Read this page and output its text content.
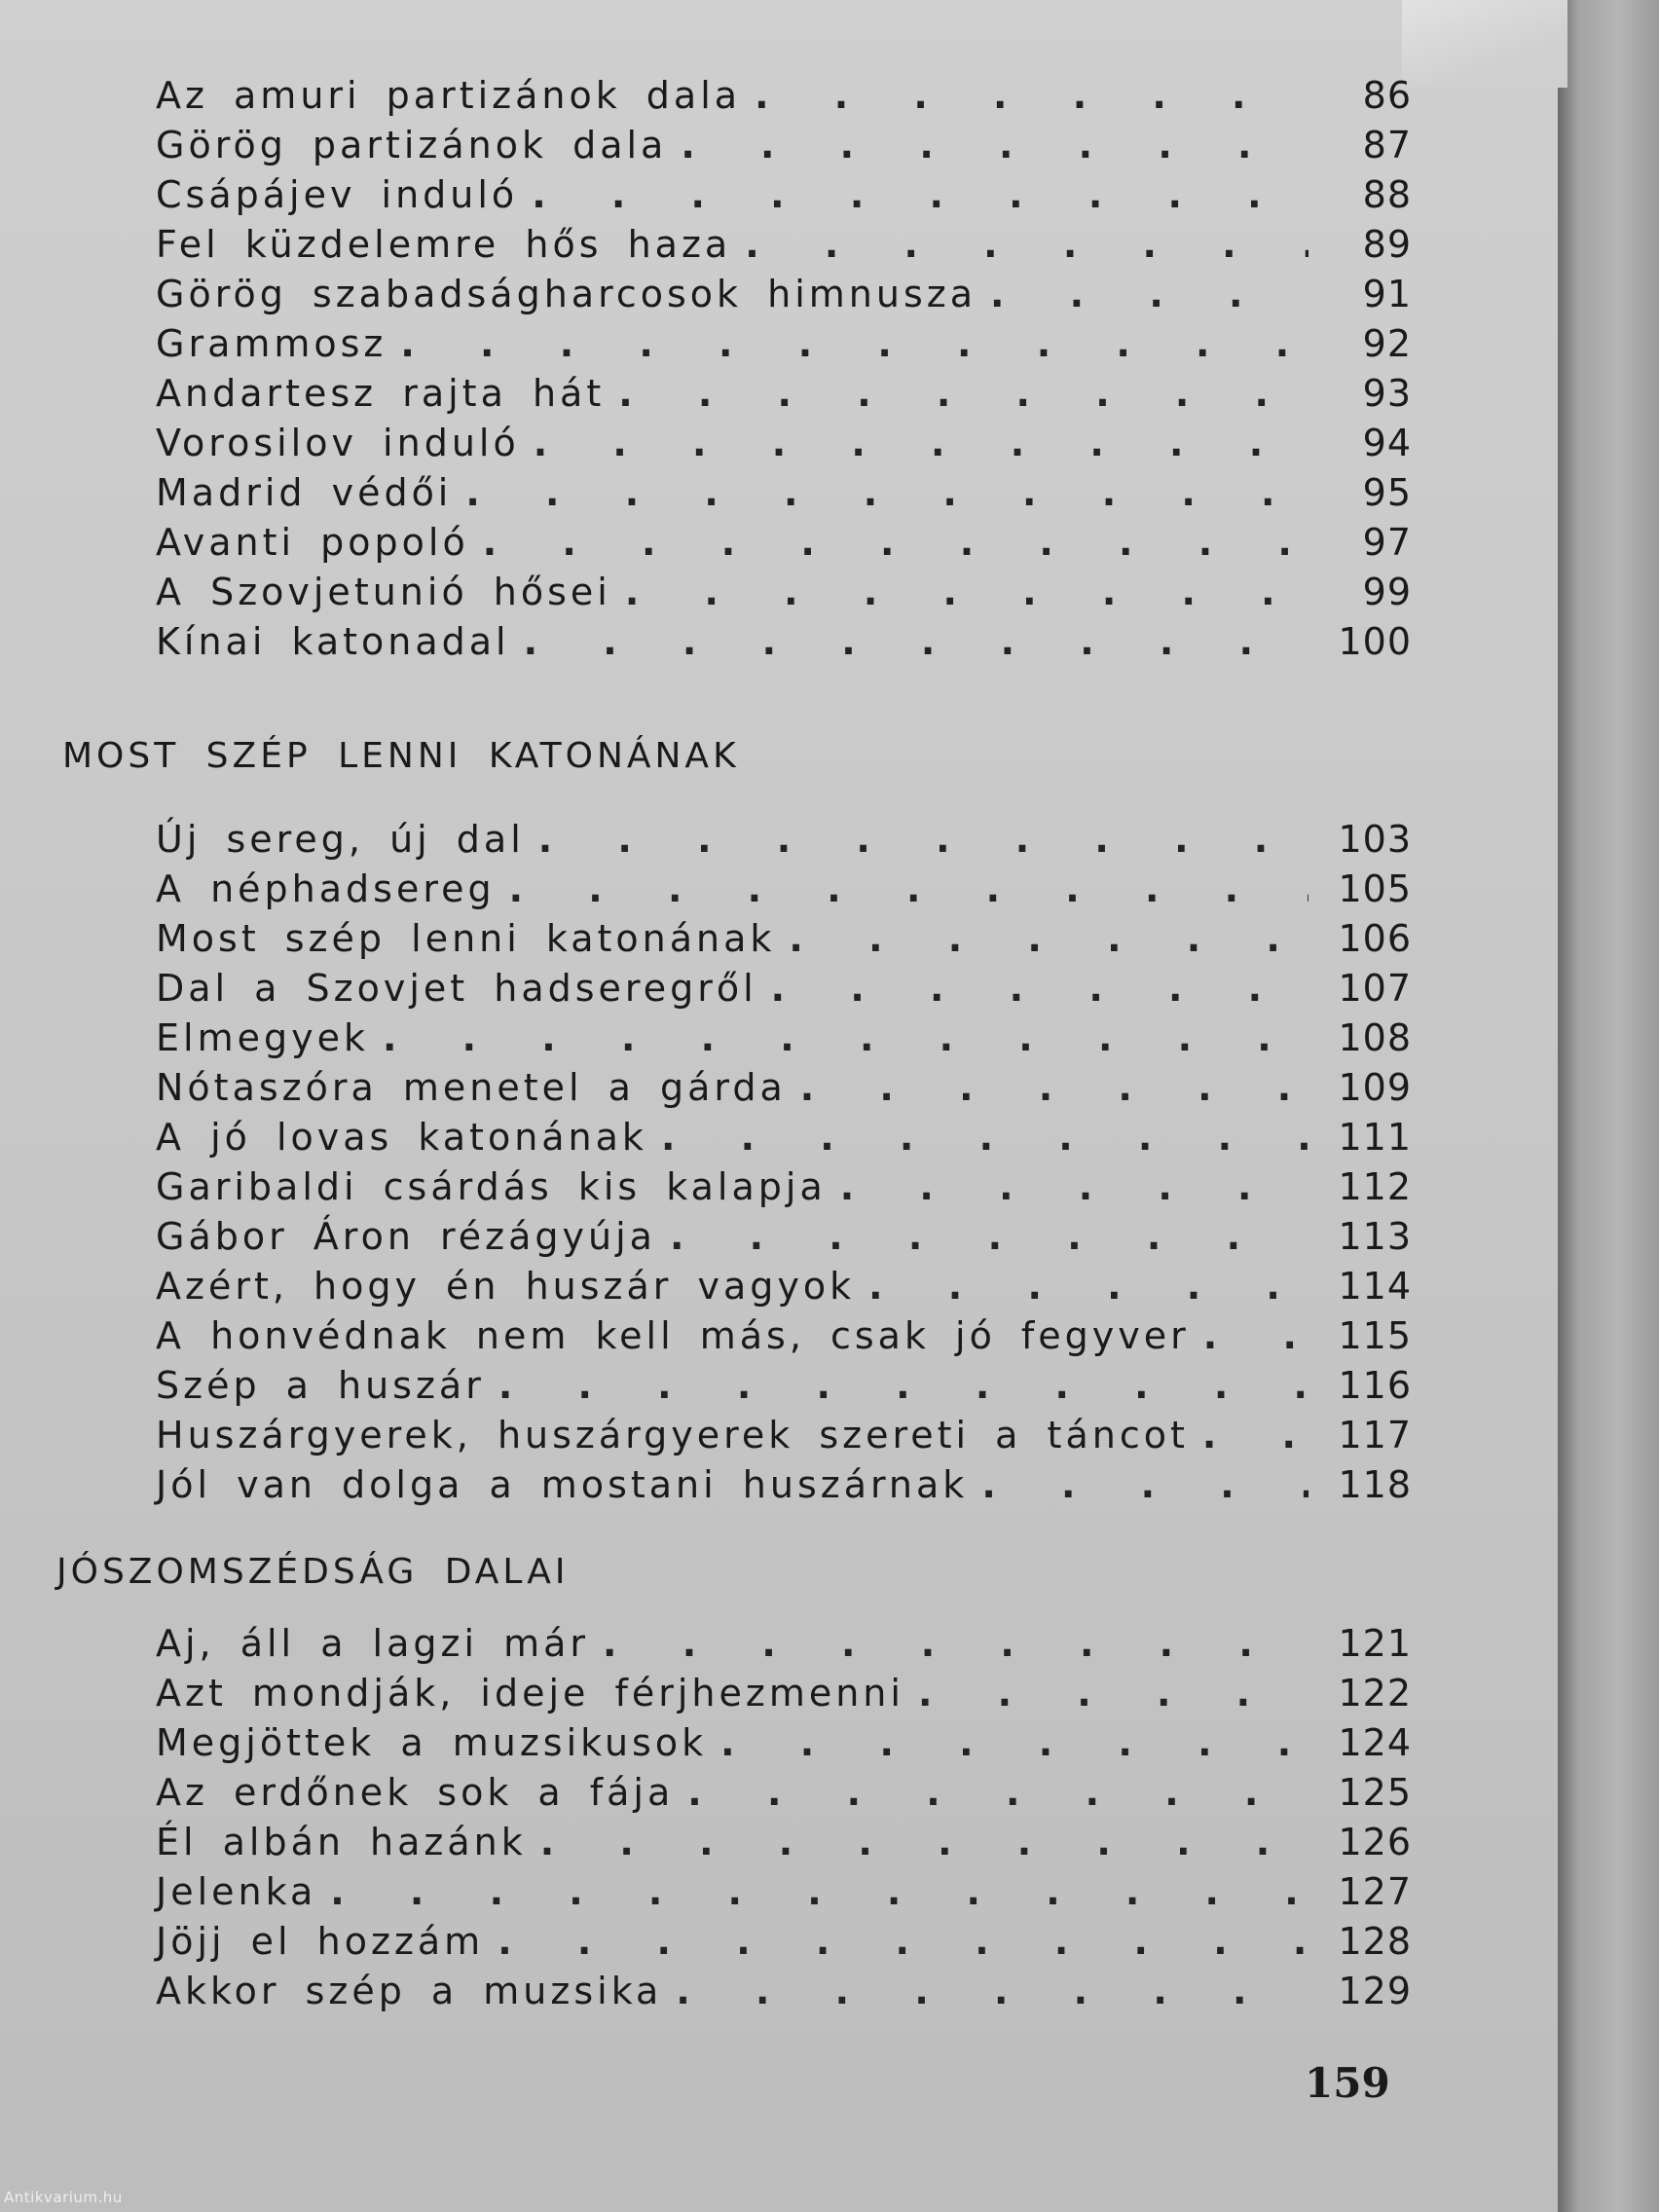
Az amuri partizánok dala . . .	86
Görög partizánok dala . . .	87
Csápájev induló . . .	88
Fel küzdelemre hős haza . . .	89
Görög szabadságharcosok himnusza . . .	91
Grammosz . . .	92
Andartesz rajta hát . . .	93
Vorosilov induló . . .	94
Madrid védői . . .	95
Avanti popoló . . .	97
A Szovjetunió hősei . . .	99
Kínai katonadal . . .	100
MOST SZÉP LENNI KATONÁNAK
Új sereg, új dal . . .	103
A néphadsereg . . .	105
Most szép lenni katonának . . .	106
Dal a Szovjet hadseregről . . .	107
Elmegyek . . .	108
Nótaszóra menetel a gárda . . .	109
A jó lovas katonának . . .	111
Garibaldi csárdás kis kalapja . . .	112
Gábor Áron rézágyúja . . .	113
Azért, hogy én huszár vagyok . . .	114
A honvédnak nem kell más, csak jó fegyver . . .	115
Szép a huszár . . .	116
Huszárgyerek, huszárgyerek szereti a táncot . . .	117
Jól van dolga a mostani huszárnak . . .	118
JÓSZOMSZÉDSÁG DALAI
Aj, áll a lagzi már . . .	121
Azt mondják, ideje férjhezmenni . . .	122
Megjöttek a muzsikusok . . .	124
Az erdőnek sok a fája . . .	125
Él albán hazánk . . .	126
Jelenka . . .	127
Jöjj el hozzám . . .	128
Akkor szép a muzsika . . .	129
159
Antikvarium.hu
